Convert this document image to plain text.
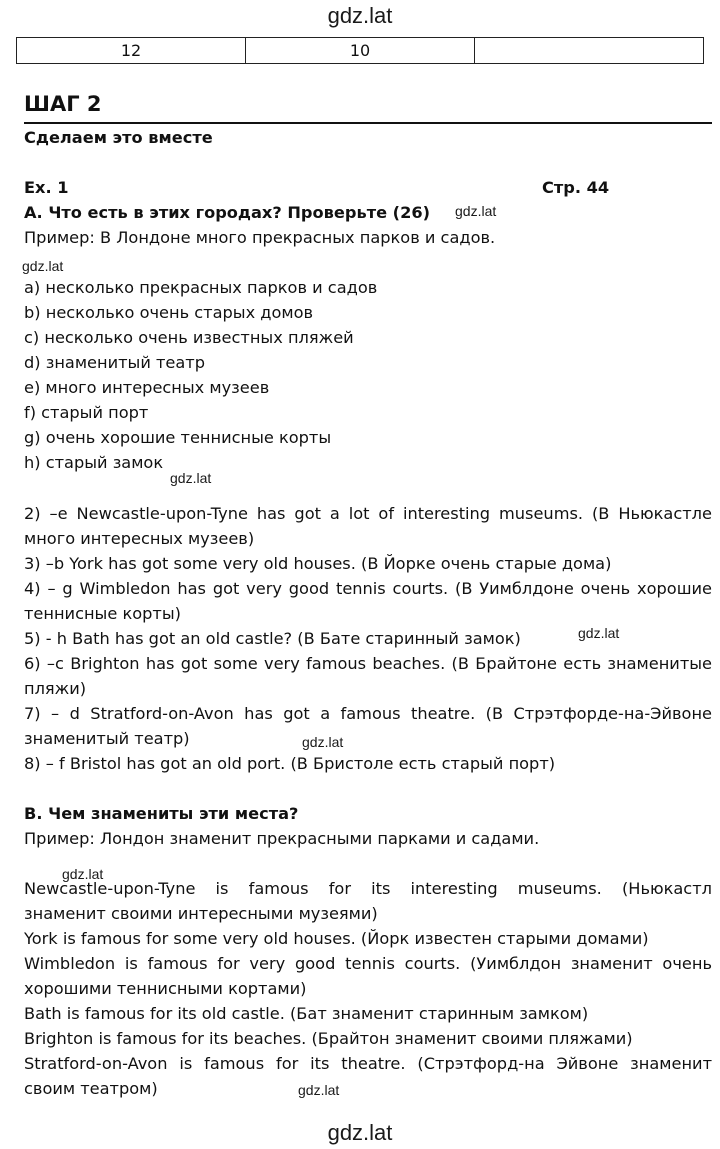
gdz.lat
gdz.lat
gdz.lat
gdz.lat
gdz.lat
gdz.lat
gdz.lat
gdz.lat
gdz.lat
12	10
ШАГ 2
Сделаем это вместе
Ex. 1	Стр. 44
А. Что есть в этих городах? Проверьте (26)
Пример: В Лондоне много прекрасных парков и садов.
a) несколько прекрасных парков и садов
b) несколько очень старых домов
c) несколько очень известных пляжей
d) знаменитый театр
e) много интересных музеев
f) старый порт
g) очень хорошие теннисные корты
h) старый замок
2) –e Newcastle-upon-Tyne has got a lot of interesting museums. (В Ньюкастле
много интересных музеев)
3) –b York has got some very old houses. (В Йорке очень старые дома)
4) – g Wimbledon has got very good tennis courts. (В Уимблдоне очень хорошие
теннисные корты)
5) - h Bath has got an old castle? (В Бате старинный замок)
6) –c Brighton has got some very famous beaches. (В Брайтоне есть знаменитые
пляжи)
7) – d Stratford-on-Avon has got a famous theatre. (В Стрэтфорде-на-Эйвоне
знаменитый театр)
8) – f Bristol has got an old port. (В Бристоле есть старый порт)
B. Чем знамениты эти места?
Пример: Лондон знаменит прекрасными парками и садами.
Newcastle-upon-Tyne is famous for its interesting museums. (Ньюкастл
знаменит своими интересными музеями)
York is famous for some very old houses. (Йорк известен старыми домами)
Wimbledon is famous for very good tennis courts. (Уимблдон знаменит очень
хорошими теннисными кортами)
Bath is famous for its old castle. (Бат знаменит старинным замком)
Brighton is famous for its beaches. (Брайтон знаменит своими пляжами)
Stratford-on-Avon is famous for its theatre. (Стрэтфорд-на Эйвоне знаменит
своим театром)
